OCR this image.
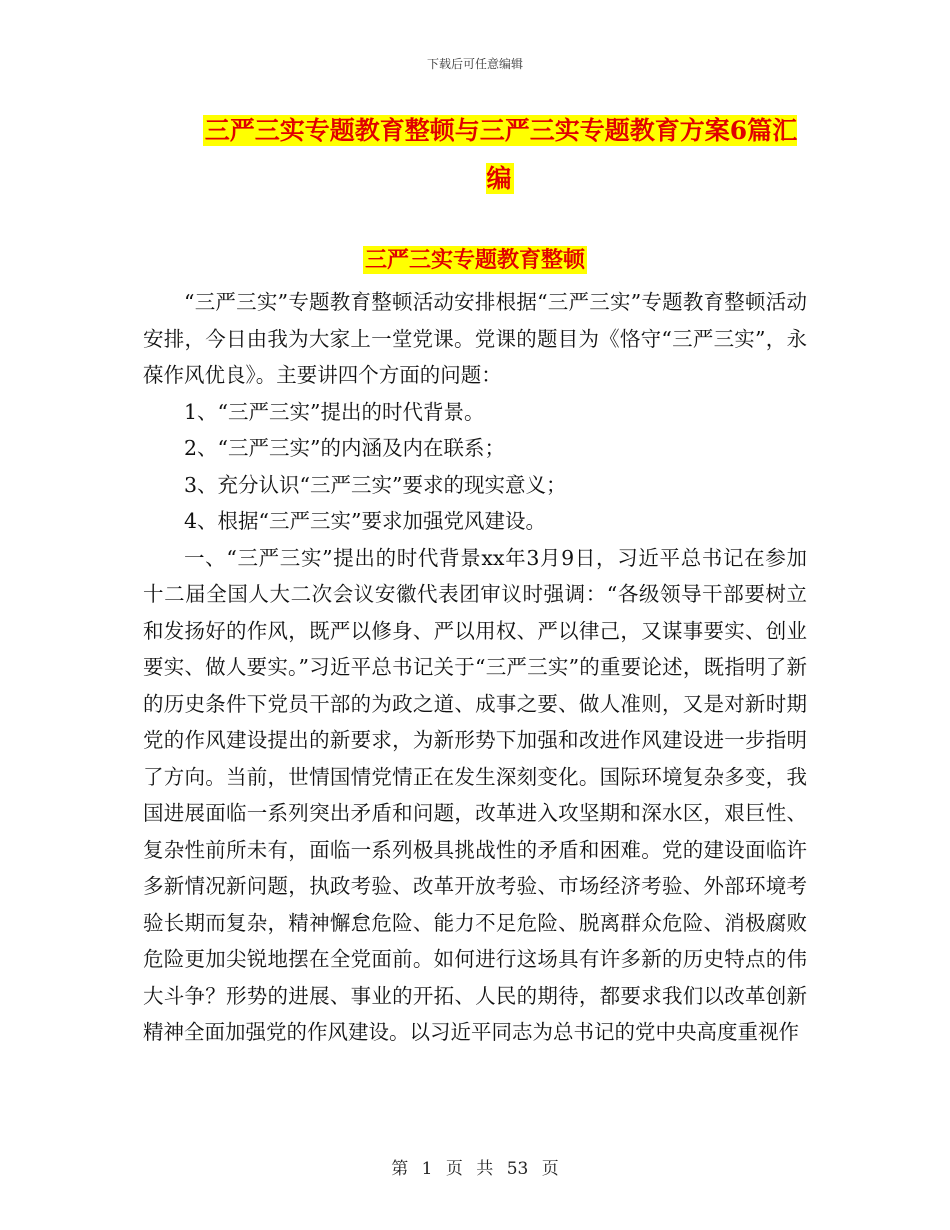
下载后可任意编辑
三严三实专题教育整顿与三严三实专题教育方案6篇汇编
三严三实专题教育整顿

“三严三实”专题教育整顿活动安排根据“三严三实”专题教育整顿活动安排，今日由我为大家上一堂党课。党课的题目为《恪守“三严三实”，永葆作风优良》。主要讲四个方面的问题：

1、“三严三实”提出的时代背景。

2、“三严三实”的内涵及内在联系；

3、充分认识“三严三实”要求的现实意义；

4、根据“三严三实”要求加强党风建设。

一、“三严三实”提出的时代背景xx年3月9日，习近平总书记在参加十二届全国人大二次会议安徽代表团审议时强调：“各级领导干部要树立和发扬好的作风，既严以修身、严以用权、严以律己，又谋事要实、创业要实、做人要实。”习近平总书记关于“三严三实”的重要论述，既指明了新的历史条件下党员干部的为政之道、成事之要、做人准则，又是对新时期党的作风建设提出的新要求，为新形势下加强和改进作风建设进一步指明了方向。当前，世情国情党情正在发生深刻变化。国际环境复杂多变，我国进展面临一系列突出矛盾和问题，改革进入攻坚期和深水区，艰巨性、复杂性前所未有，面临一系列极具挑战性的矛盾和困难。党的建设面临许多新情况新问题，执政考验、改革开放考验、市场经济考验、外部环境考验长期而复杂，精神懈怠危险、能力不足危险、脱离群众危险、消极腐败危险更加尖锐地摆在全党面前。如何进行这场具有许多新的历史特点的伟大斗争？形势的进展、事业的开拓、人民的期待，都要求我们以改革创新精神全面加强党的作风建设。以习近平同志为总书记的党中央高度重视作

第 1 页 共 53 页
